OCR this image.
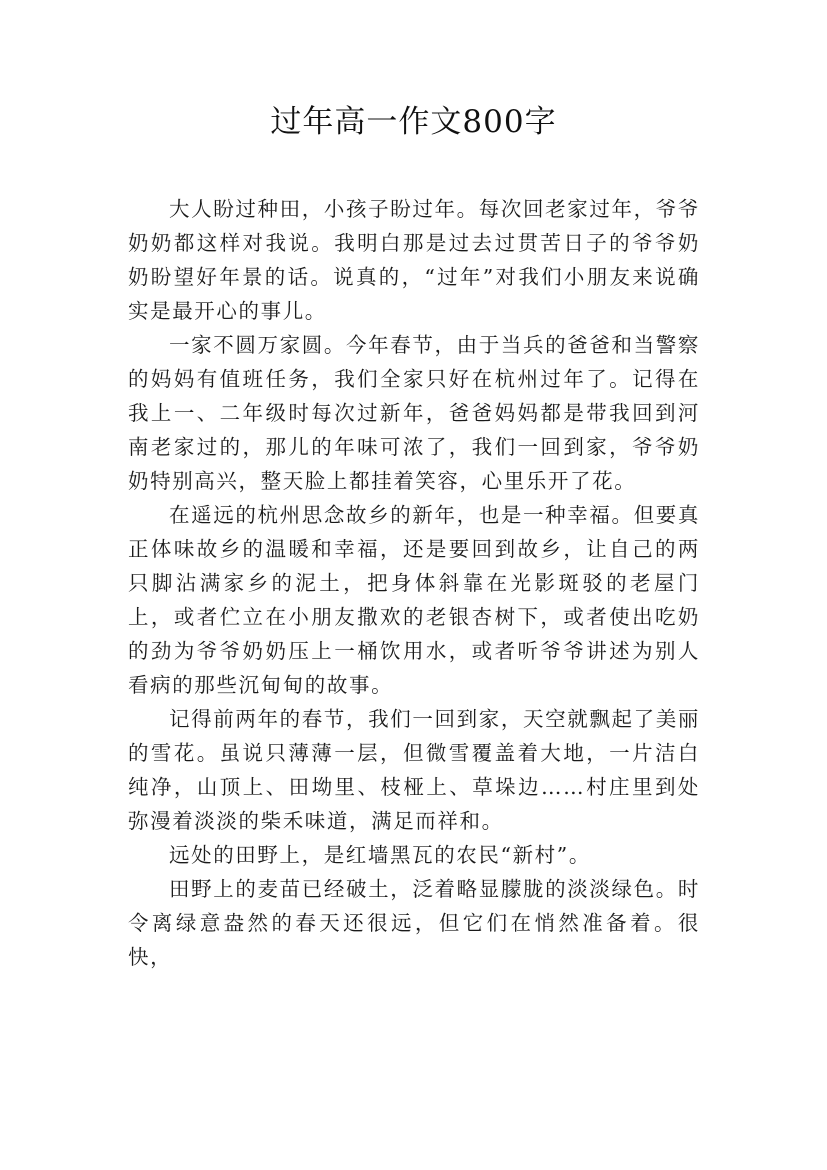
过年高一作文800字

大人盼过种田，小孩子盼过年。每次回老家过年，爷爷奶奶都这样对我说。我明白那是过去过贯苦日子的爷爷奶奶盼望好年景的话。说真的，“过年”对我们小朋友来说确实是最开心的事儿。

一家不圆万家圆。今年春节，由于当兵的爸爸和当警察的妈妈有值班任务，我们全家只好在杭州过年了。记得在我上一、二年级时每次过新年，爸爸妈妈都是带我回到河南老家过的，那儿的年味可浓了，我们一回到家，爷爷奶奶特别高兴，整天脸上都挂着笑容，心里乐开了花。

在遥远的杭州思念故乡的新年，也是一种幸福。但要真正体味故乡的温暖和幸福，还是要回到故乡，让自己的两只脚沾满家乡的泥土，把身体斜靠在光影斑驳的老屋门上，或者伫立在小朋友撒欢的老银杏树下，或者使出吃奶的劲为爷爷奶奶压上一桶饮用水，或者听爷爷讲述为别人看病的那些沉甸甸的故事。

记得前两年的春节，我们一回到家，天空就飘起了美丽的雪花。虽说只薄薄一层，但微雪覆盖着大地，一片洁白纯净，山顶上、田坳里、枝桠上、草垛边……村庄里到处弥漫着淡淡的柴禾味道，满足而祥和。

远处的田野上，是红墙黑瓦的农民“新村”。

田野上的麦苗已经破土，泛着略显朦胧的淡淡绿色。时令离绿意盎然的春天还很远，但它们在悄然准备着。很快，
